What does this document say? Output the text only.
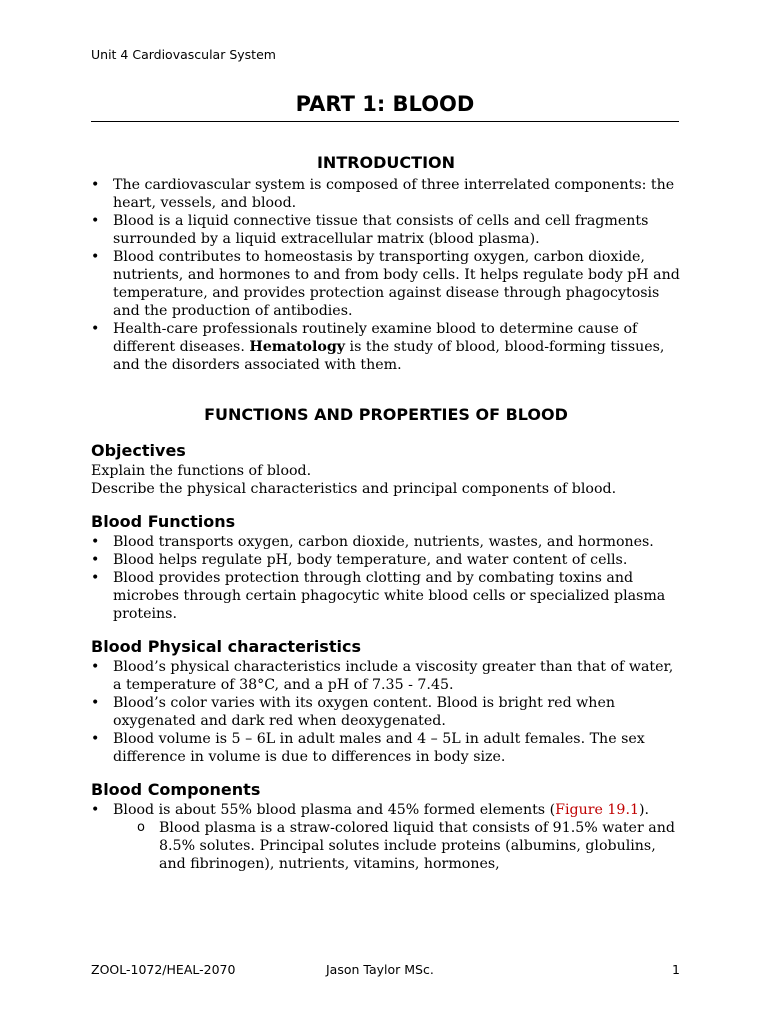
Unit 4 Cardiovascular System
PART 1: BLOOD
INTRODUCTION
• The cardiovascular system is composed of three interrelated components: the heart, vessels, and blood.
• Blood is a liquid connective tissue that consists of cells and cell fragments surrounded by a liquid extracellular matrix (blood plasma).
• Blood contributes to homeostasis by transporting oxygen, carbon dioxide, nutrients, and hormones to and from body cells. It helps regulate body pH and temperature, and provides protection against disease through phagocytosis and the production of antibodies.
• Health-care professionals routinely examine blood to determine cause of different diseases. Hematology is the study of blood, blood-forming tissues, and the disorders associated with them.
FUNCTIONS AND PROPERTIES OF BLOOD
Objectives

Explain the functions of blood.

Describe the physical characteristics and principal components of blood.

Blood Functions
• Blood transports oxygen, carbon dioxide, nutrients, wastes, and hormones.
• Blood helps regulate pH, body temperature, and water content of cells.
• Blood provides protection through clotting and by combating toxins and microbes through certain phagocytic white blood cells or specialized plasma proteins.
Blood Physical characteristics
• Blood’s physical characteristics include a viscosity greater than that of water, a temperature of 38°C, and a pH of 7.35 - 7.45.
• Blood’s color varies with its oxygen content. Blood is bright red when oxygenated and dark red when deoxygenated.
• Blood volume is 5 – 6L in adult males and 4 – 5L in adult females. The sex difference in volume is due to differences in body size.
Blood Components
• Blood is about 55% blood plasma and 45% formed elements (Figure 19.1).
o Blood plasma is a straw-colored liquid that consists of 91.5% water and 8.5% solutes. Principal solutes include proteins (albumins, globulins, and fibrinogen), nutrients, vitamins, hormones,
ZOOL-1072/HEAL-2070	Jason Taylor MSc.	1
